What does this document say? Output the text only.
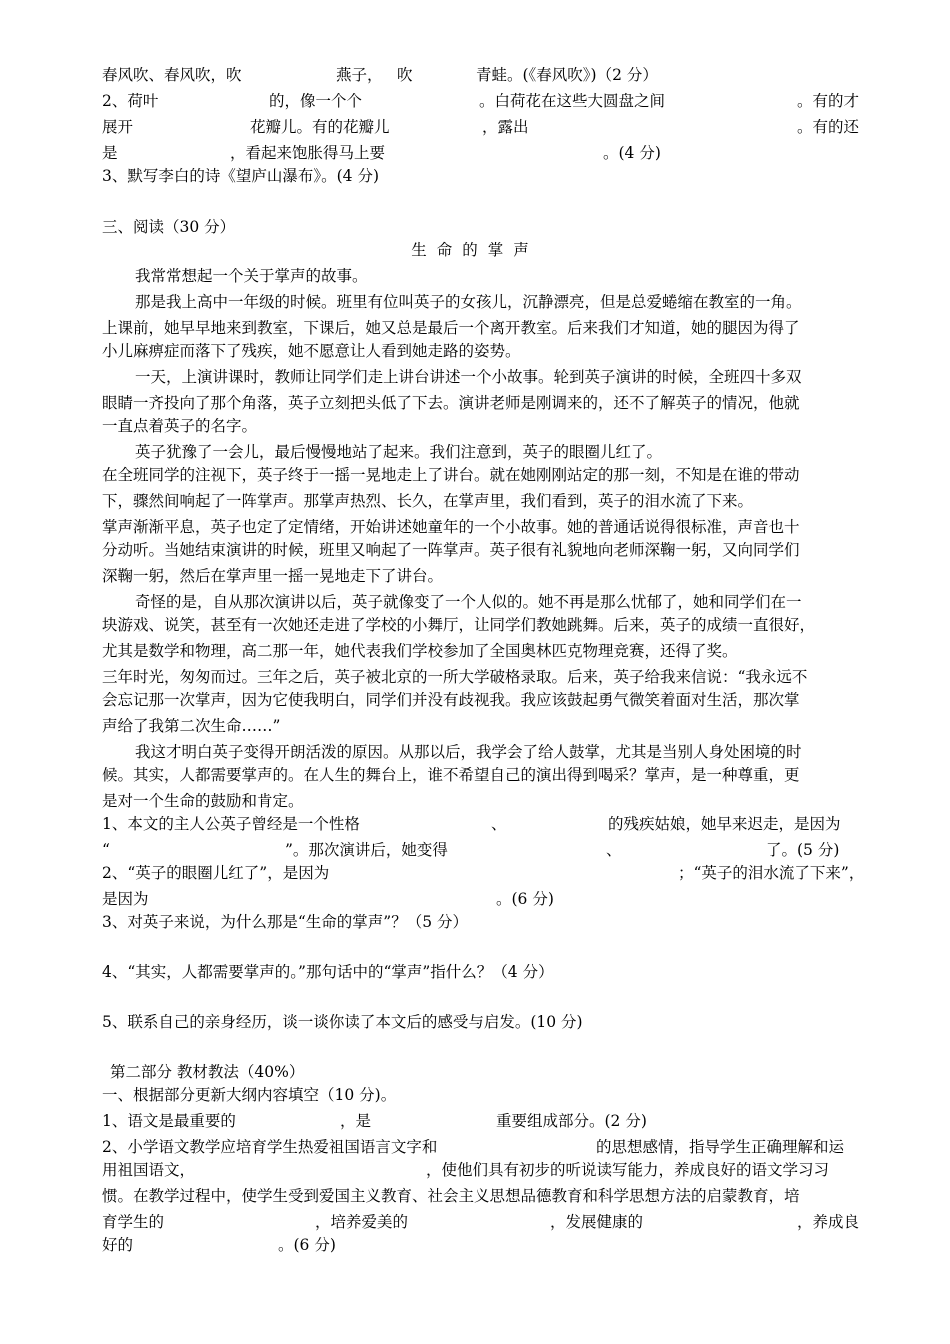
春风吹、春风吹，吹	燕子， 吹	青蛙。(《春风吹》)（2 分）
2、荷叶	的，像一个个	。白荷花在这些大圆盘之间	。有的才
展开	花瓣儿。有的花瓣儿	，露出	。有的还
是	，看起来饱胀得马上要	。(4 分)
3、默写李白的诗《望庐山瀑布》。(4 分)
三、阅读（30 分）
生命的掌声
我常常想起一个关于掌声的故事。
那是我上高中一年级的时候。班里有位叫英子的女孩儿，沉静漂亮，但是总爱蜷缩在教室的一角。
上课前，她早早地来到教室，下课后，她又总是最后一个离开教室。后来我们才知道，她的腿因为得了
小儿麻痹症而落下了残疾，她不愿意让人看到她走路的姿势。
一天，上演讲课时，教师让同学们走上讲台讲述一个小故事。轮到英子演讲的时候，全班四十多双
眼睛一齐投向了那个角落，英子立刻把头低了下去。演讲老师是刚调来的，还不了解英子的情况，他就
一直点着英子的名字。
英子犹豫了一会儿，最后慢慢地站了起来。我们注意到，英子的眼圈儿红了。
在全班同学的注视下，英子终于一摇一晃地走上了讲台。就在她刚刚站定的那一刻，不知是在谁的带动
下，骤然间响起了一阵掌声。那掌声热烈、长久，在掌声里，我们看到，英子的泪水流了下来。
掌声渐渐平息，英子也定了定情绪，开始讲述她童年的一个小故事。她的普通话说得很标准，声音也十
分动听。当她结束演讲的时候，班里又响起了一阵掌声。英子很有礼貌地向老师深鞠一躬，又向同学们
深鞠一躬，然后在掌声里一摇一晃地走下了讲台。
奇怪的是，自从那次演讲以后，英子就像变了一个人似的。她不再是那么忧郁了，她和同学们在一
块游戏、说笑，甚至有一次她还走进了学校的小舞厅，让同学们教她跳舞。后来，英子的成绩一直很好，
尤其是数学和物理，高二那一年，她代表我们学校参加了全国奥林匹克物理竞赛，还得了奖。
三年时光，匆匆而过。三年之后，英子被北京的一所大学破格录取。后来，英子给我来信说：“我永远不
会忘记那一次掌声，因为它使我明白，同学们并没有歧视我。我应该鼓起勇气微笑着面对生活，那次掌
声给了我第二次生命……”
我这才明白英子变得开朗活泼的原因。从那以后，我学会了给人鼓掌，尤其是当别人身处困境的时
候。其实，人都需要掌声的。在人生的舞台上，谁不希望自己的演出得到喝采？掌声，是一种尊重，更
是对一个生命的鼓励和肯定。
1、本文的主人公英子曾经是一个性格	、	的残疾姑娘，她早来迟走，是因为
“	”。那次演讲后，她变得	、	了。(5 分)
2、“英子的眼圈儿红了”，是因为	；“英子的泪水流了下来”，
是因为	。(6 分)
3、对英子来说，为什么那是“生命的掌声”？（5 分）
4、“其实，人都需要掌声的。”那句话中的“掌声”指什么？（4 分）
5、联系自己的亲身经历，谈一谈你读了本文后的感受与启发。(10 分)
第二部分 教材教法（40%）
一、根据部分更新大纲内容填空（10 分)。
1、语文是最重要的	，是	重要组成部分。(2 分)
2、小学语文教学应培育学生热爱祖国语言文字和	的思想感情，指导学生正确理解和运
用祖国语文，	，使他们具有初步的听说读写能力，养成良好的语文学习习
惯。在教学过程中，使学生受到爱国主义教育、社会主义思想品德教育和科学思想方法的启蒙教育，培
育学生的	，培养爱美的	，发展健康的	，养成良
好的	。(6 分)
